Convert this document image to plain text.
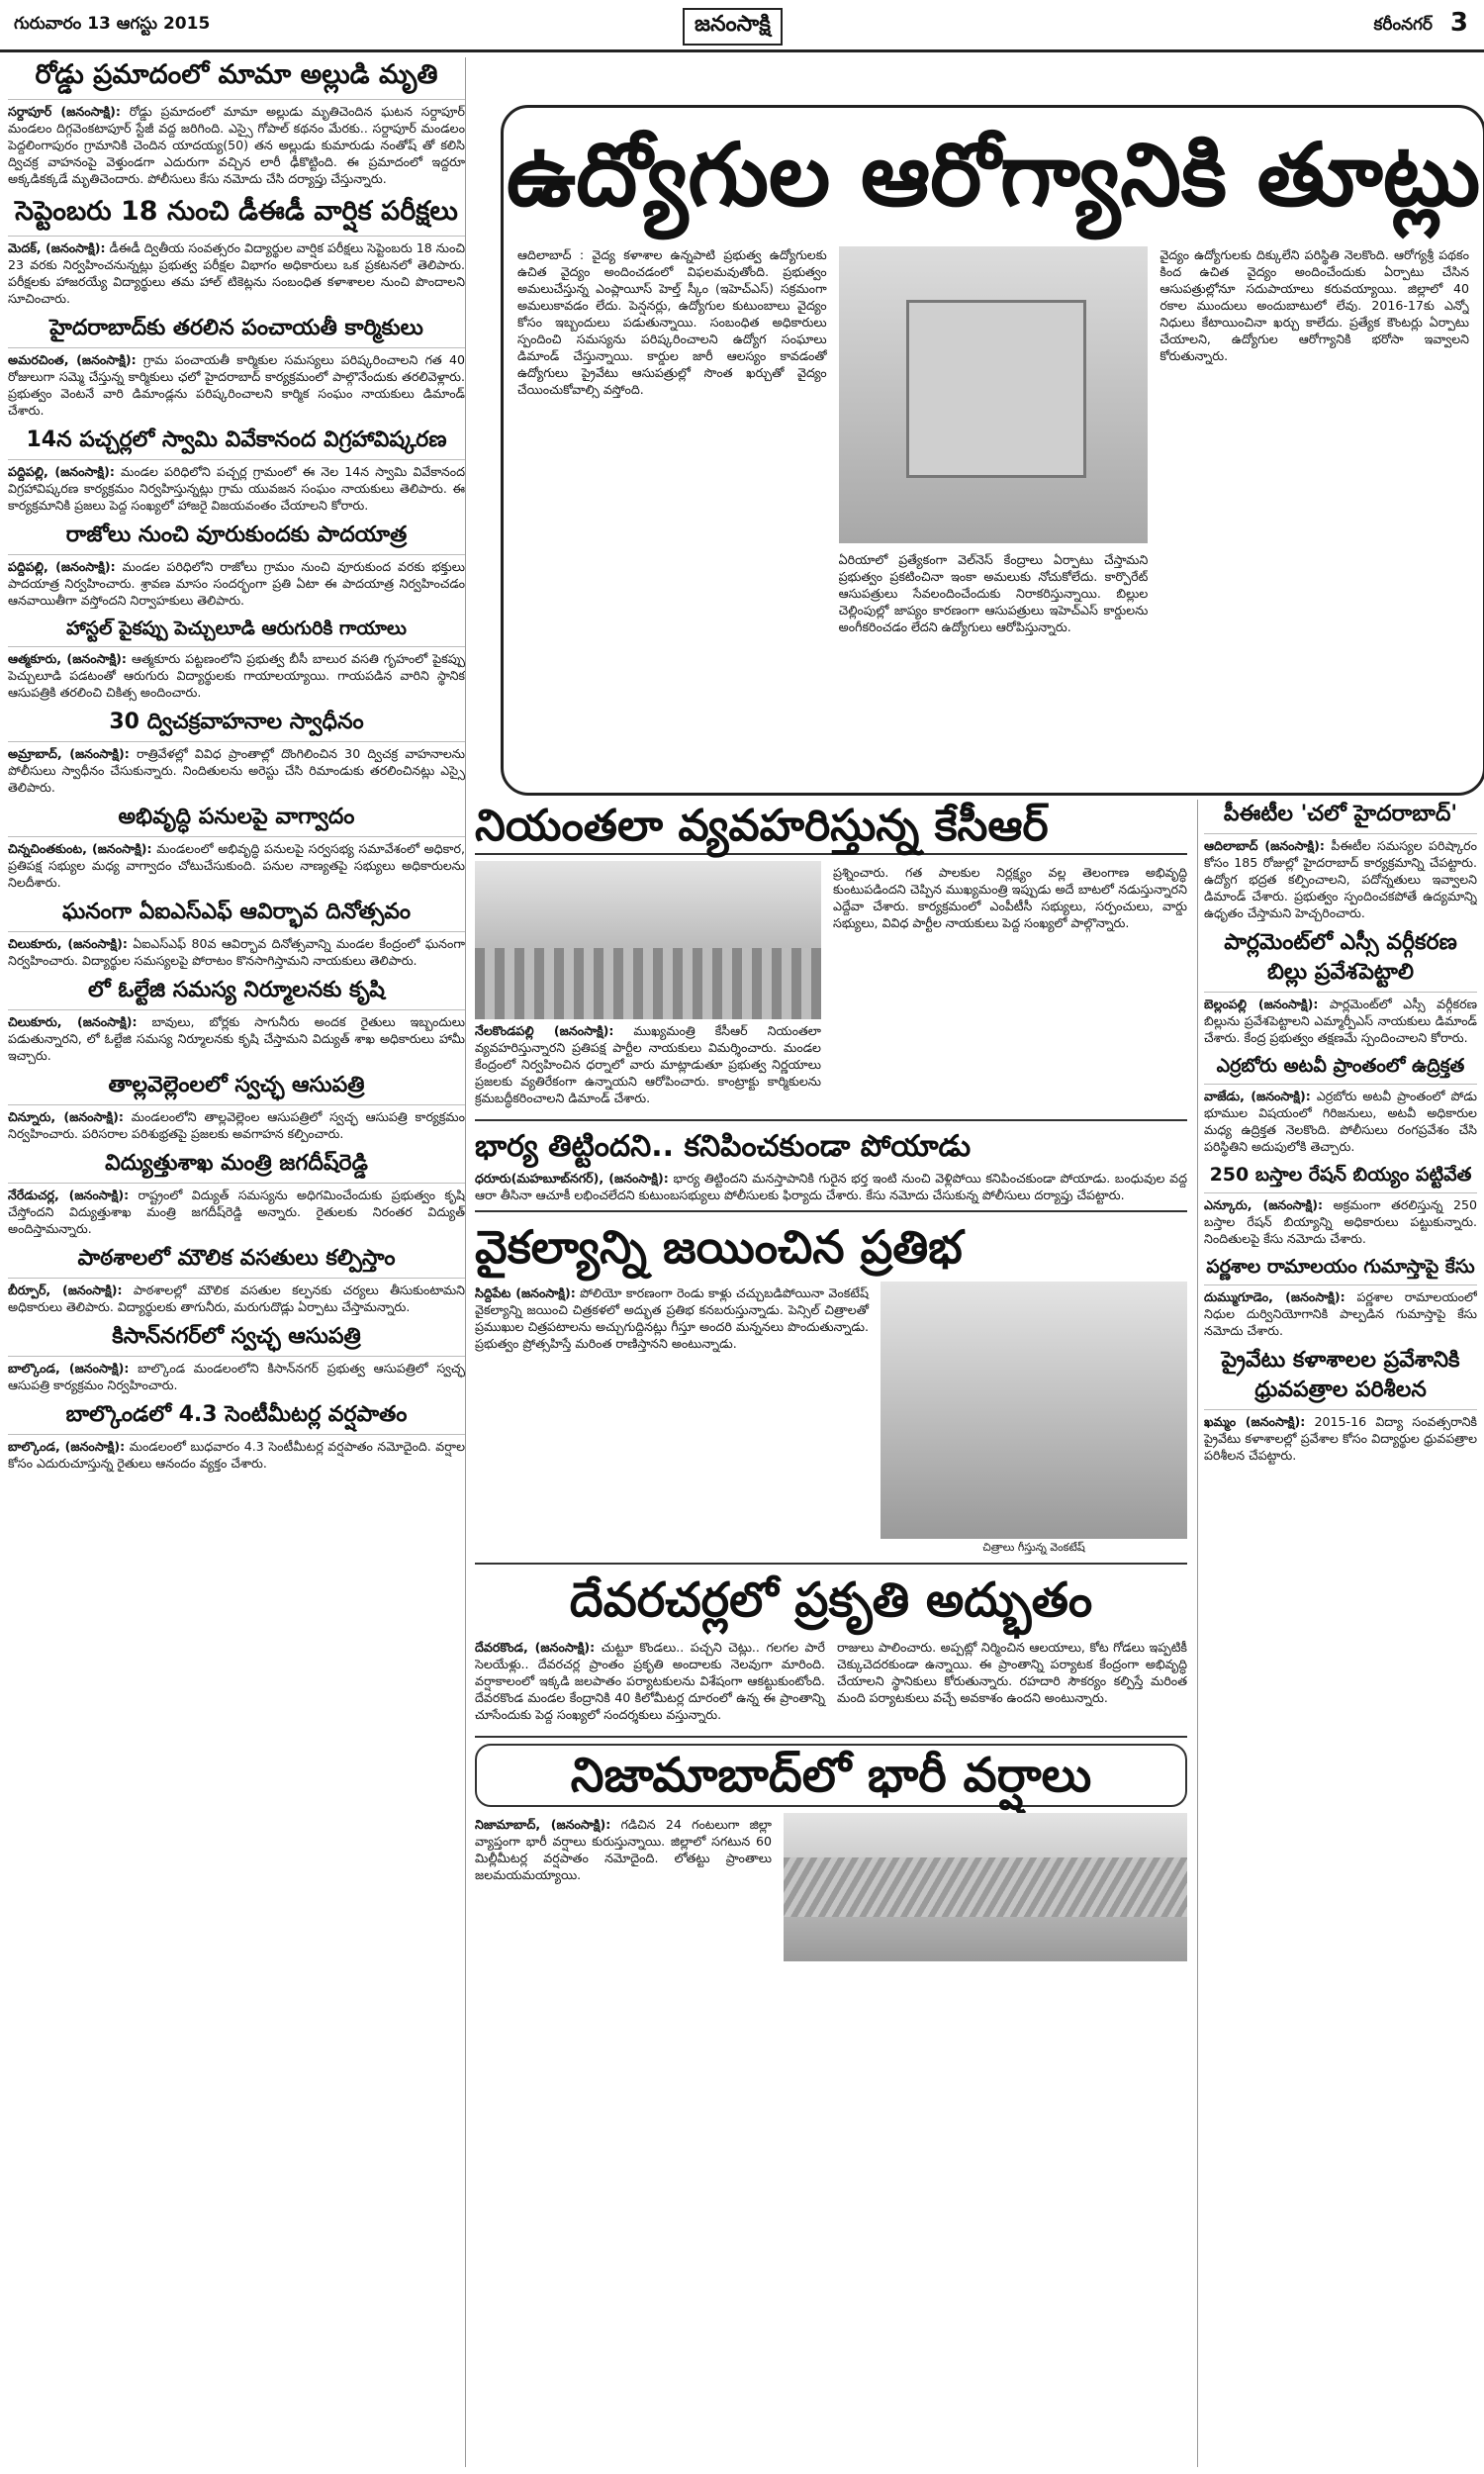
గురువారం 13 ఆగస్టు 2015	జనంసాక్షి	కరీంనగర్ 3
రోడ్డు ప్రమాదంలో మామా అల్లుడి మృతి

సర్దాపూర్ (జనంసాక్షి): రోడ్డు ప్రమాదంలో మామా అల్లుడు మృతిచెందిన ఘటన సర్దాపూర్ మండలం దిగ్గవెంకటాపూర్ స్టేజీ వద్ద జరిగింది. ఎస్సై గోపాల్ కథనం మేరకు.. సర్దాపూర్ మండలం పెద్దలింగాపురం గ్రామానికి చెందిన యాదయ్య(50) తన అల్లుడు కుమారుడు నంతోష్ తో కలిసి ద్విచక్ర వాహనంపై వెళ్తుండగా ఎదురుగా వచ్చిన లారీ ఢీకొట్టింది. ఈ ప్రమాదంలో ఇద్దరూ అక్కడికక్కడే మృతిచెందారు. పోలీసులు కేసు నమోదు చేసి దర్యాప్తు చేస్తున్నారు.

సెప్టెంబరు 18 నుంచి డీఈడీ వార్షిక పరీక్షలు

మెదక్, (జనంసాక్షి): డీఈడీ ద్వితీయ సంవత్సరం విద్యార్థుల వార్షిక పరీక్షలు సెప్టెంబరు 18 నుంచి 23 వరకు నిర్వహించనున్నట్లు ప్రభుత్వ పరీక్షల విభాగం అధికారులు ఒక ప్రకటనలో తెలిపారు. పరీక్షలకు హాజరయ్యే విద్యార్థులు తమ హాల్ టికెట్లను సంబంధిత కళాశాలల నుంచి పొందాలని సూచించారు.

హైదరాబాద్‌కు తరలిన పంచాయతీ కార్మికులు

అమరచింత, (జనంసాక్షి): గ్రామ పంచాయతీ కార్మికుల సమస్యలు పరిష్కరించాలని గత 40 రోజులుగా సమ్మె చేస్తున్న కార్మికులు ఛలో హైదరాబాద్ కార్యక్రమంలో పాల్గొనేందుకు తరలివెళ్లారు. ప్రభుత్వం వెంటనే వారి డిమాండ్లను పరిష్కరించాలని కార్మిక సంఘం నాయకులు డిమాండ్ చేశారు.

14న పచ్చర్లలో స్వామి వివేకానంద విగ్రహావిష్కరణ

పద్దిపల్లి, (జనంసాక్షి): మండల పరిధిలోని పచ్చర్ల గ్రామంలో ఈ నెల 14న స్వామి వివేకానంద విగ్రహావిష్కరణ కార్యక్రమం నిర్వహిస్తున్నట్లు గ్రామ యువజన సంఘం నాయకులు తెలిపారు. ఈ కార్యక్రమానికి ప్రజలు పెద్ద సంఖ్యలో హాజరై విజయవంతం చేయాలని కోరారు.

రాజోలు నుంచి వూరుకుందకు పాదయాత్ర

పద్దిపల్లి, (జనంసాక్షి): మండల పరిధిలోని రాజోలు గ్రామం నుంచి వూరుకుంద వరకు భక్తులు పాదయాత్ర నిర్వహించారు. శ్రావణ మాసం సందర్భంగా ప్రతి ఏటా ఈ పాదయాత్ర నిర్వహించడం ఆనవాయితీగా వస్తోందని నిర్వాహకులు తెలిపారు.

హాస్టల్ పైకప్పు పెచ్చులూడి ఆరుగురికి గాయాలు

ఆత్మకూరు, (జనంసాక్షి): ఆత్మకూరు పట్టణంలోని ప్రభుత్వ బీసీ బాలుర వసతి గృహంలో పైకప్పు పెచ్చులూడి పడటంతో ఆరుగురు విద్యార్థులకు గాయాలయ్యాయి. గాయపడిన వారిని స్థానిక ఆసుపత్రికి తరలించి చికిత్స అందించారు.

30 ద్విచక్రవాహనాల స్వాధీనం

అమ్రాబాద్, (జనంసాక్షి): రాత్రివేళల్లో వివిధ ప్రాంతాల్లో దొంగిలించిన 30 ద్విచక్ర వాహనాలను పోలీసులు స్వాధీనం చేసుకున్నారు. నిందితులను అరెస్టు చేసి రిమాండుకు తరలించినట్లు ఎస్సై తెలిపారు.

అభివృద్ధి పనులపై వాగ్వాదం

చిన్నచింతకుంట, (జనంసాక్షి): మండలంలో అభివృద్ధి పనులపై సర్వసభ్య సమావేశంలో అధికార, ప్రతిపక్ష సభ్యుల మధ్య వాగ్వాదం చోటుచేసుకుంది. పనుల నాణ్యతపై సభ్యులు అధికారులను నిలదీశారు.

ఘనంగా ఏఐఎస్ఎఫ్ ఆవిర్భావ దినోత్సవం

చిలుకూరు, (జనంసాక్షి): ఏఐఎస్ఎఫ్ 80వ ఆవిర్భావ దినోత్సవాన్ని మండల కేంద్రంలో ఘనంగా నిర్వహించారు. విద్యార్థుల సమస్యలపై పోరాటం కొనసాగిస్తామని నాయకులు తెలిపారు.

లో ఓల్టేజి సమస్య నిర్మూలనకు కృషి

చిలుకూరు, (జనంసాక్షి): బావులు, బోర్లకు సాగునీరు అందక రైతులు ఇబ్బందులు పడుతున్నారని, లో ఓల్టేజి సమస్య నిర్మూలనకు కృషి చేస్తామని విద్యుత్ శాఖ అధికారులు హామీ ఇచ్చారు.

తాల్లవెల్లెంలలో స్వచ్ఛ ఆసుపత్రి

చిన్నూరు, (జనంసాక్షి): మండలంలోని తాల్లవెల్లెంల ఆసుపత్రిలో స్వచ్ఛ ఆసుపత్రి కార్యక్రమం నిర్వహించారు. పరిసరాల పరిశుభ్రతపై ప్రజలకు అవగాహన కల్పించారు.

విద్యుత్తుశాఖ మంత్రి జగదీష్‌రెడ్డి

నేరేడుచర్ల, (జనంసాక్షి): రాష్ట్రంలో విద్యుత్ సమస్యను అధిగమించేందుకు ప్రభుత్వం కృషి చేస్తోందని విద్యుత్తుశాఖ మంత్రి జగదీష్‌రెడ్డి అన్నారు. రైతులకు నిరంతర విద్యుత్ అందిస్తామన్నారు.

పాఠశాలలో మౌలిక వసతులు కల్పిస్తాం

బీర్పూర్, (జనంసాక్షి): పాఠశాలల్లో మౌలిక వసతుల కల్పనకు చర్యలు తీసుకుంటామని అధికారులు తెలిపారు. విద్యార్థులకు తాగునీరు, మరుగుదొడ్లు ఏర్పాటు చేస్తామన్నారు.

కిసాన్‌నగర్‌లో స్వచ్ఛ ఆసుపత్రి

బాల్కొండ, (జనంసాక్షి): బాల్కొండ మండలంలోని కిసాన్‌నగర్ ప్రభుత్వ ఆసుపత్రిలో స్వచ్ఛ ఆసుపత్రి కార్యక్రమం నిర్వహించారు.

బాల్కొండలో 4.3 సెంటీమీటర్ల వర్షపాతం

బాల్కొండ, (జనంసాక్షి): మండలంలో బుధవారం 4.3 సెంటీమీటర్ల వర్షపాతం నమోదైంది. వర్షాల కోసం ఎదురుచూస్తున్న రైతులు ఆనందం వ్యక్తం చేశారు.

ఉద్యోగుల ఆరోగ్యానికి తూట్లు

ఆదిలాబాద్ : వైద్య కళాశాల ఉన్నపాటి ప్రభుత్వ ఉద్యోగులకు ఉచిత వైద్యం అందించడంలో విఫలమవుతోంది. ప్రభుత్వం అమలుచేస్తున్న ఎంప్లాయీస్ హెల్త్ స్కీం (ఇహెచ్ఎస్) సక్రమంగా అమలుకావడం లేదు. పెన్షనర్లు, ఉద్యోగుల కుటుంబాలు వైద్యం కోసం ఇబ్బందులు పడుతున్నాయి. సంబంధిత అధికారులు స్పందించి సమస్యను పరిష్కరించాలని ఉద్యోగ సంఘాలు డిమాండ్ చేస్తున్నాయి. కార్డుల జారీ ఆలస్యం కావడంతో ఉద్యోగులు ప్రైవేటు ఆసుపత్రుల్లో సొంత ఖర్చుతో వైద్యం చేయించుకోవాల్సి వస్తోంది.

ఏరియాలో ప్రత్యేకంగా వెల్‌నెస్ కేంద్రాలు ఏర్పాటు చేస్తామని ప్రభుత్వం ప్రకటించినా ఇంకా అమలుకు నోచుకోలేదు. కార్పొరేట్ ఆసుపత్రులు సేవలందించేందుకు నిరాకరిస్తున్నాయి. బిల్లుల చెల్లింపుల్లో జాప్యం కారణంగా ఆసుపత్రులు ఇహెచ్ఎస్ కార్డులను అంగీకరించడం లేదని ఉద్యోగులు ఆరోపిస్తున్నారు.

వైద్యం ఉద్యోగులకు దిక్కులేని పరిస్థితి నెలకొంది. ఆరోగ్యశ్రీ పథకం కింద ఉచిత వైద్యం అందించేందుకు ఏర్పాటు చేసిన ఆసుపత్రుల్లోనూ సదుపాయాలు కరువయ్యాయి. జిల్లాలో 40 రకాల ముందులు అందుబాటులో లేవు. 2016-17కు ఎన్నో నిధులు కేటాయించినా ఖర్చు కాలేదు. ప్రత్యేక కౌంటర్లు ఏర్పాటు చేయాలని, ఉద్యోగుల ఆరోగ్యానికి భరోసా ఇవ్వాలని కోరుతున్నారు.

నియంతలా వ్యవహరిస్తున్న కేసీఆర్

నేలకొండపల్లి (జనంసాక్షి): ముఖ్యమంత్రి కేసీఆర్ నియంతలా వ్యవహరిస్తున్నారని ప్రతిపక్ష పార్టీల నాయకులు విమర్శించారు. మండల కేంద్రంలో నిర్వహించిన ధర్నాలో వారు మాట్లాడుతూ ప్రభుత్వ నిర్ణయాలు ప్రజలకు వ్యతిరేకంగా ఉన్నాయని ఆరోపించారు. కాంట్రాక్టు కార్మికులను క్రమబద్ధీకరించాలని డిమాండ్ చేశారు.

ప్రశ్నించారు. గత పాలకుల నిర్లక్ష్యం వల్ల తెలంగాణ అభివృద్ధి కుంటుపడిందని చెప్పిన ముఖ్యమంత్రి ఇప్పుడు అదే బాటలో నడుస్తున్నారని ఎద్దేవా చేశారు. కార్యక్రమంలో ఎంపీటీసీ సభ్యులు, సర్పంచులు, వార్డు సభ్యులు, వివిధ పార్టీల నాయకులు పెద్ద సంఖ్యలో పాల్గొన్నారు.

భార్య తిట్టిందని.. కనిపించకుండా పోయాడు

ధరూరు(మహబూబ్‌నగర్), (జనంసాక్షి): భార్య తిట్టిందని మనస్తాపానికి గురైన భర్త ఇంటి నుంచి వెళ్లిపోయి కనిపించకుండా పోయాడు. బంధువుల వద్ద ఆరా తీసినా ఆచూకీ లభించలేదని కుటుంబసభ్యులు పోలీసులకు ఫిర్యాదు చేశారు. కేసు నమోదు చేసుకున్న పోలీసులు దర్యాప్తు చేపట్టారు.

వైకల్యాన్ని జయించిన ప్రతిభ

సిద్దిపేట (జనంసాక్షి): పోలియో కారణంగా రెండు కాళ్లు చచ్చుబడిపోయినా వెంకటేష్ వైకల్యాన్ని జయించి చిత్రకళలో అద్భుత ప్రతిభ కనబరుస్తున్నాడు. పెన్సిల్ చిత్రాలతో ప్రముఖుల చిత్రపటాలను అచ్చుగుద్దినట్లు గీస్తూ అందరి మన్ననలు పొందుతున్నాడు. ప్రభుత్వం ప్రోత్సహిస్తే మరింత రాణిస్తానని అంటున్నాడు.

చిత్రాలు గీస్తున్న వెంకటేష్
దేవరచర్లలో ప్రకృతి అద్భుతం

దేవరకొండ, (జనంసాక్షి): చుట్టూ కొండలు.. పచ్చని చెట్లు.. గలగల పారే సెలయేళ్లు.. దేవరచర్ల ప్రాంతం ప్రకృతి అందాలకు నెలవుగా మారింది. వర్షాకాలంలో ఇక్కడి జలపాతం పర్యాటకులను విశేషంగా ఆకట్టుకుంటోంది. దేవరకొండ మండల కేంద్రానికి 40 కిలోమీటర్ల దూరంలో ఉన్న ఈ ప్రాంతాన్ని చూసేందుకు పెద్ద సంఖ్యలో సందర్శకులు వస్తున్నారు.

రాజులు పాలించారు. అప్పట్లో నిర్మించిన ఆలయాలు, కోట గోడలు ఇప్పటికీ చెక్కుచెదరకుండా ఉన్నాయి. ఈ ప్రాంతాన్ని పర్యాటక కేంద్రంగా అభివృద్ధి చేయాలని స్థానికులు కోరుతున్నారు. రహదారి సౌకర్యం కల్పిస్తే మరింత మంది పర్యాటకులు వచ్చే అవకాశం ఉందని అంటున్నారు.

నిజామాబాద్‌లో భారీ వర్షాలు

నిజామాబాద్, (జనంసాక్షి): గడిచిన 24 గంటలుగా జిల్లా వ్యాప్తంగా భారీ వర్షాలు కురుస్తున్నాయి. జిల్లాలో సగటున 60 మిల్లీమీటర్ల వర్షపాతం నమోదైంది. లోతట్టు ప్రాంతాలు జలమయమయ్యాయి.

పీఈటీల 'చలో హైదరాబాద్‌'

ఆదిలాబాద్ (జనంసాక్షి): పీఈటీల సమస్యల పరిష్కారం కోసం 185 రోజుల్లో హైదరాబాద్ కార్యక్రమాన్ని చేపట్టారు. ఉద్యోగ భద్రత కల్పించాలని, పదోన్నతులు ఇవ్వాలని డిమాండ్ చేశారు. ప్రభుత్వం స్పందించకపోతే ఉద్యమాన్ని ఉధృతం చేస్తామని హెచ్చరించారు.

పార్లమెంట్‌లో ఎస్సీ వర్గీకరణ బిల్లు ప్రవేశపెట్టాలి

బెల్లంపల్లి (జనంసాక్షి): పార్లమెంట్‌లో ఎస్సీ వర్గీకరణ బిల్లును ప్రవేశపెట్టాలని ఎమ్మార్పీఎస్ నాయకులు డిమాండ్ చేశారు. కేంద్ర ప్రభుత్వం తక్షణమే స్పందించాలని కోరారు.

ఎర్రబోరు అటవీ ప్రాంతంలో ఉద్రిక్తత

వాజేడు, (జనంసాక్షి): ఎర్రబోరు అటవీ ప్రాంతంలో పోడు భూముల విషయంలో గిరిజనులు, అటవీ అధికారుల మధ్య ఉద్రిక్తత నెలకొంది. పోలీసులు రంగప్రవేశం చేసి పరిస్థితిని అదుపులోకి తెచ్చారు.

250 బస్తాల రేషన్ బియ్యం పట్టివేత

ఎన్కూరు, (జనంసాక్షి): అక్రమంగా తరలిస్తున్న 250 బస్తాల రేషన్ బియ్యాన్ని అధికారులు పట్టుకున్నారు. నిందితులపై కేసు నమోదు చేశారు.

పర్ణశాల రామాలయం గుమాస్తాపై కేసు

దుమ్ముగూడెం, (జనంసాక్షి): పర్ణశాల రామాలయంలో నిధుల దుర్వినియోగానికి పాల్పడిన గుమాస్తాపై కేసు నమోదు చేశారు.

ప్రైవేటు కళాశాలల ప్రవేశానికి ధ్రువపత్రాల పరిశీలన

ఖమ్మం (జనంసాక్షి): 2015-16 విద్యా సంవత్సరానికి ప్రైవేటు కళాశాలల్లో ప్రవేశాల కోసం విద్యార్థుల ధ్రువపత్రాల పరిశీలన చేపట్టారు.
